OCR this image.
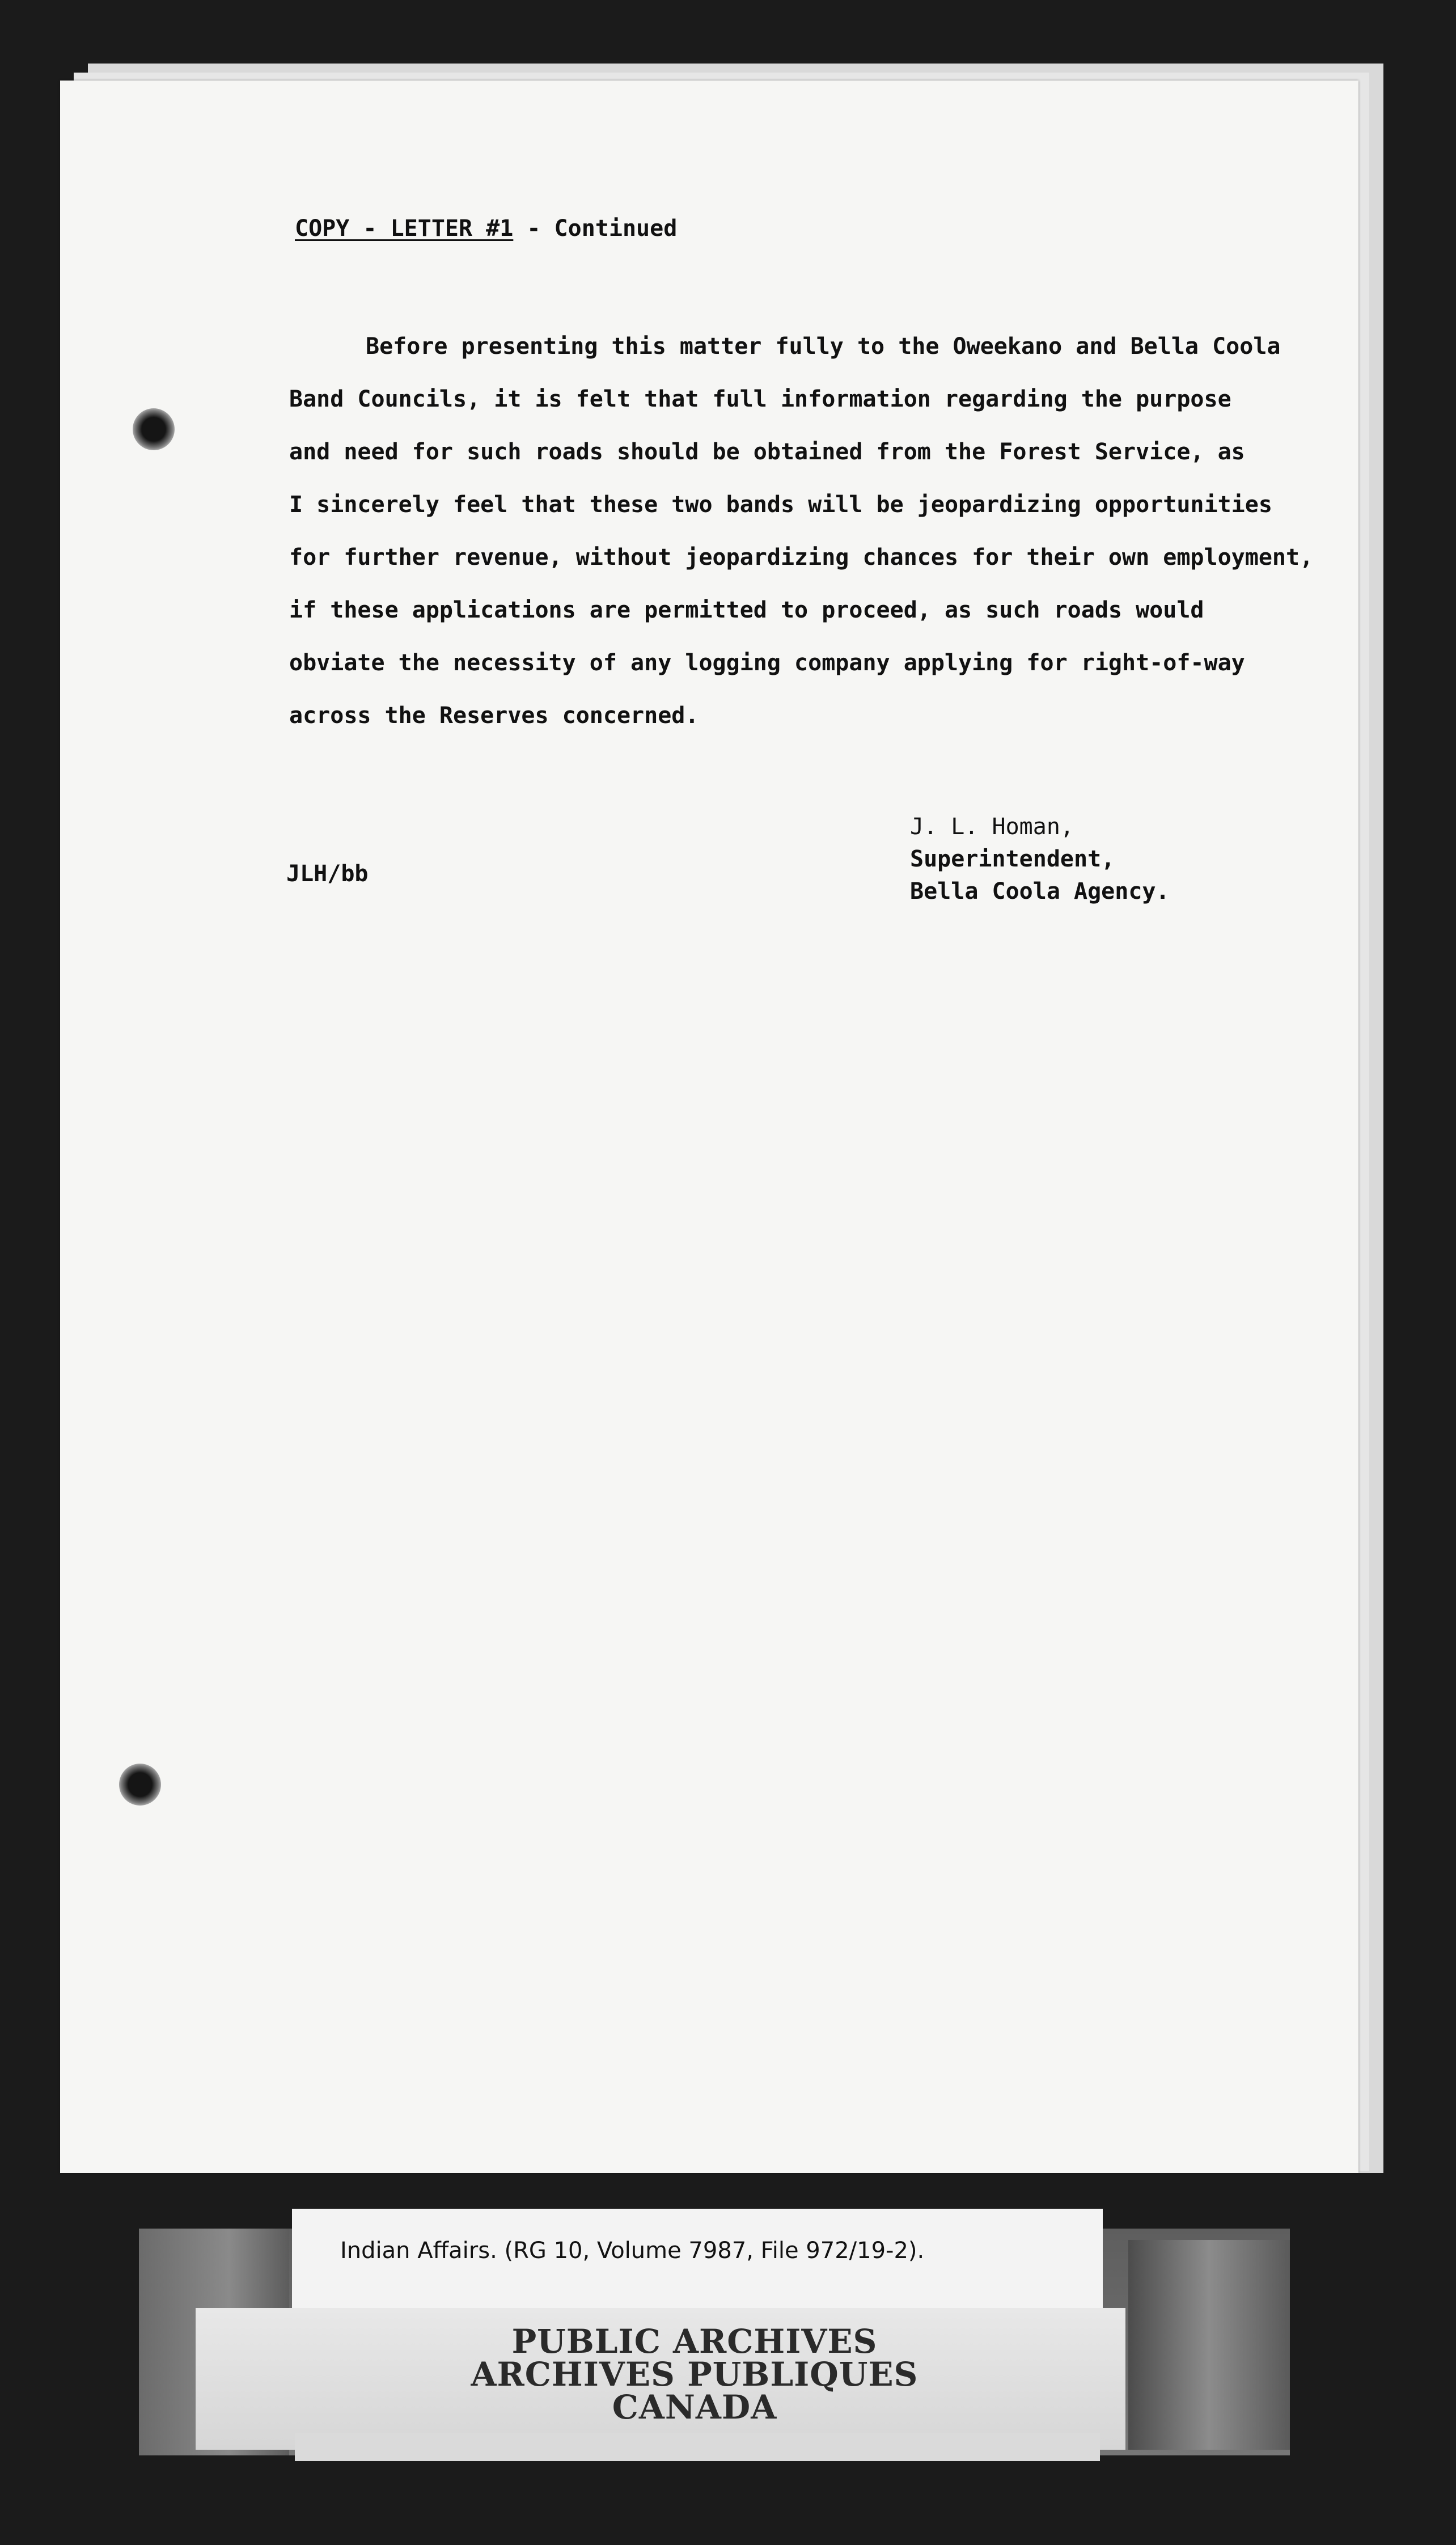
COPY - LETTER #1 - Continued
Before presenting this matter fully to the Oweekano and Bella Coola
Band Councils, it is felt that full information regarding the purpose
and need for such roads should be obtained from the Forest Service, as
I sincerely feel that these two bands will be jeopardizing opportunities
for further revenue, without jeopardizing chances for their own employment,
if these applications are permitted to proceed, as such roads would
obviate the necessity of any logging company applying for right-of-way
across the Reserves concerned.
J. L. Homan,
Superintendent,
Bella Coola Agency.
JLH/bb
Indian Affairs. (RG 10, Volume 7987, File 972/19-2).
PUBLIC ARCHIVES
ARCHIVES PUBLIQUES
CANADA
